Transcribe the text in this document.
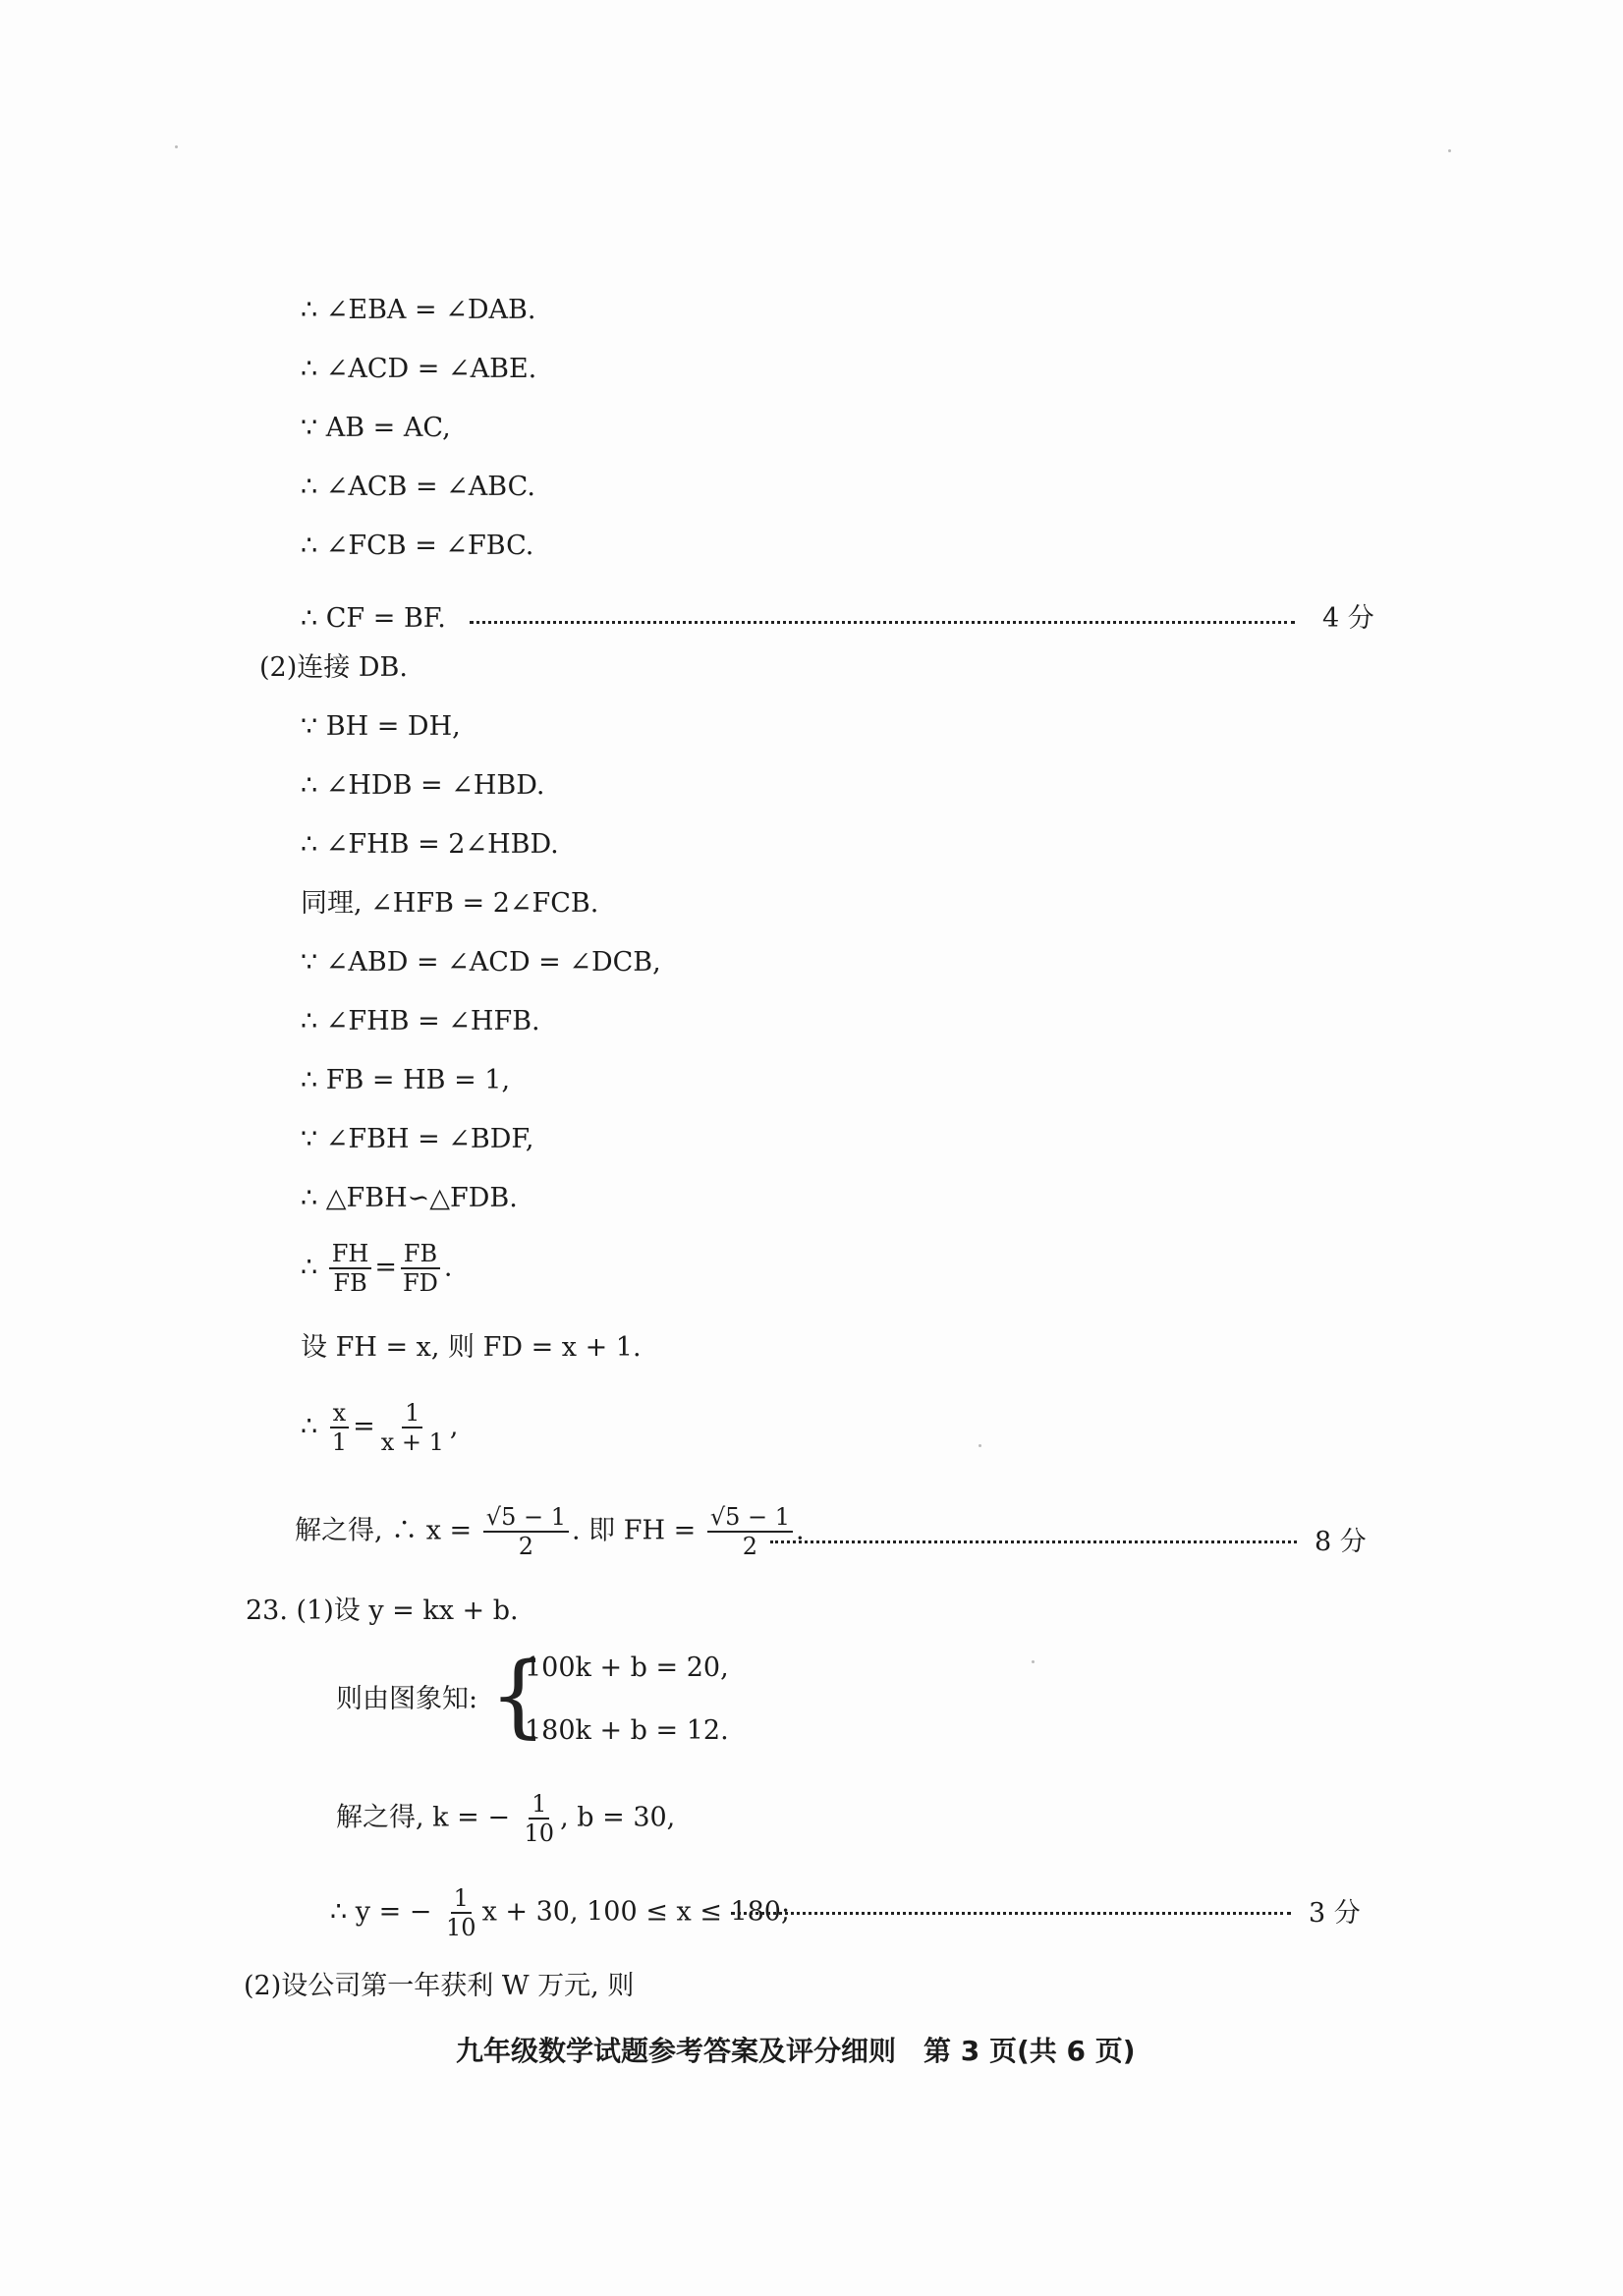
∴ ∠EBA = ∠DAB.
∴ ∠ACD = ∠ABE.
∵ AB = AC,
∴ ∠ACB = ∠ABC.
∴ ∠FCB = ∠FBC.
∴ CF = BF.	4 分
(2)连接 DB.
∵ BH = DH,
∴ ∠HDB = ∠HBD.
∴ ∠FHB = 2∠HBD.
同理, ∠HFB = 2∠FCB.
∵ ∠ABD = ∠ACD = ∠DCB,
∴ ∠FHB = ∠HFB.
∴ FB = HB = 1,
∵ ∠FBH = ∠BDF,
∴ △FBH∽△FDB.
∴ $\frac{FH}{FB} = \frac{FB}{FD}$ .
设 FH = x, 则 FD = x + 1.
∴ $\frac{x}{1} = \frac{1}{x + 1}$ ,
解之得, ∴ $x = \frac{√5 - 1}{2}$ . 即 FH = $\frac{√5 - 1}{2}$ .	8 分
23. (1)设 y = kx + b.
则由图象知: {
100k + b = 20,
180k + b = 12.
解之得, k = − $\frac{1}{10}$ , b = 30,
∴ y = − $\frac{1}{10}$ x + 30, 100 ≤ x ≤ 180;	3 分
(2)设公司第一年获利 W 万元, 则
九年级数学试题参考答案及评分细则　第 3 页(共 6 页)
